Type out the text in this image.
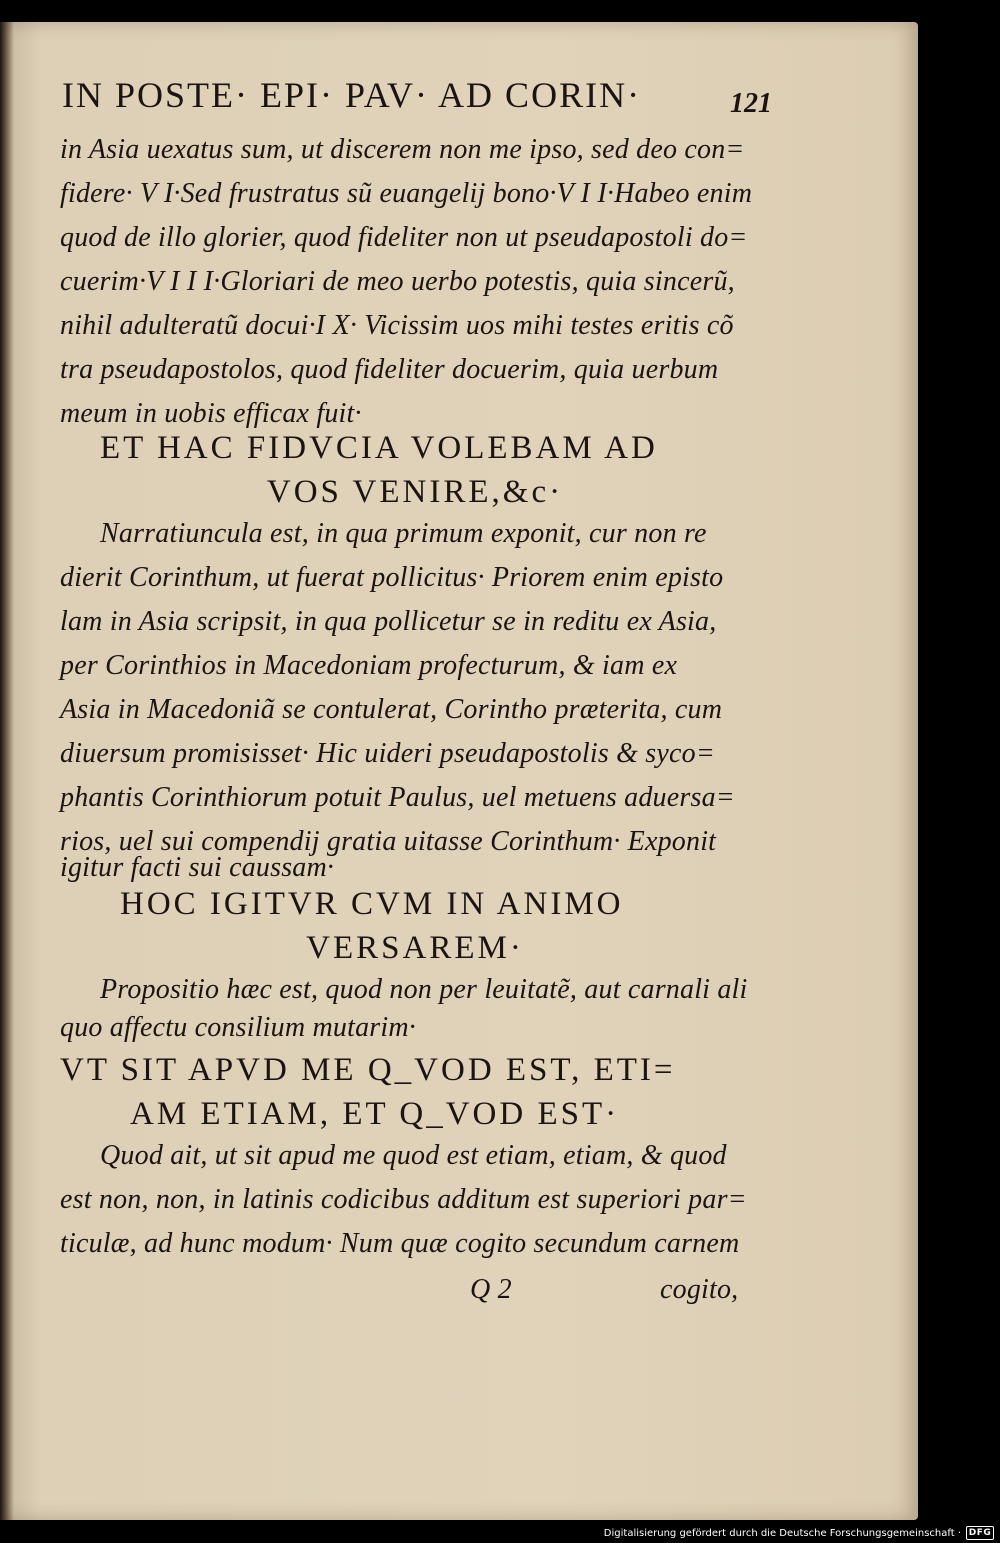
IN POSTE· EPI· PAV· AD CORIN·	121
in Asia uexatus sum, ut discerem non me ipso, sed deo con=
fidere· V I·Sed frustratus sũ euangelij bono·V I I·Habeo enim
quod de illo glorier, quod fideliter non ut pseudapostoli do=
cuerim·V I I I·Gloriari de meo uerbo potestis, quia sincerũ,
nihil adulteratũ docui·I X· Vicissim uos mihi testes eritis cõ
tra pseudapostolos, quod fideliter docuerim, quia uerbum
meum in uobis efficax fuit·
ET HAC FIDVCIA VOLEBAM AD
VOS VENIRE,&c·
Narratiuncula est, in qua primum exponit, cur non re
dierit Corinthum, ut fuerat pollicitus· Priorem enim episto
lam in Asia scripsit, in qua pollicetur se in reditu ex Asia,
per Corinthios in Macedoniam profecturum, & iam ex
Asia in Macedoniã se contulerat, Corintho præterita, cum
diuersum promisisset· Hic uideri pseudapostolis & syco=
phantis Corinthiorum potuit Paulus, uel metuens aduersa=
rios, uel sui compendij gratia uitasse Corinthum· Exponit
igitur facti sui caussam·
HOC IGITVR CVM IN ANIMO
VERSAREM·
Propositio hæc est, quod non per leuitatẽ, aut carnali ali
quo affectu consilium mutarim·
VT SIT APVD ME Q_VOD EST, ETI=
AM ETIAM, ET Q_VOD EST·
Quod ait, ut sit apud me quod est etiam, etiam, & quod
est non, non, in latinis codicibus additum est superiori par=
ticulæ, ad hunc modum· Num quæ cogito secundum carnem
Q 2	cogito,
Digitalisierung gefördert durch die Deutsche Forschungsgemeinschaft · DFG
